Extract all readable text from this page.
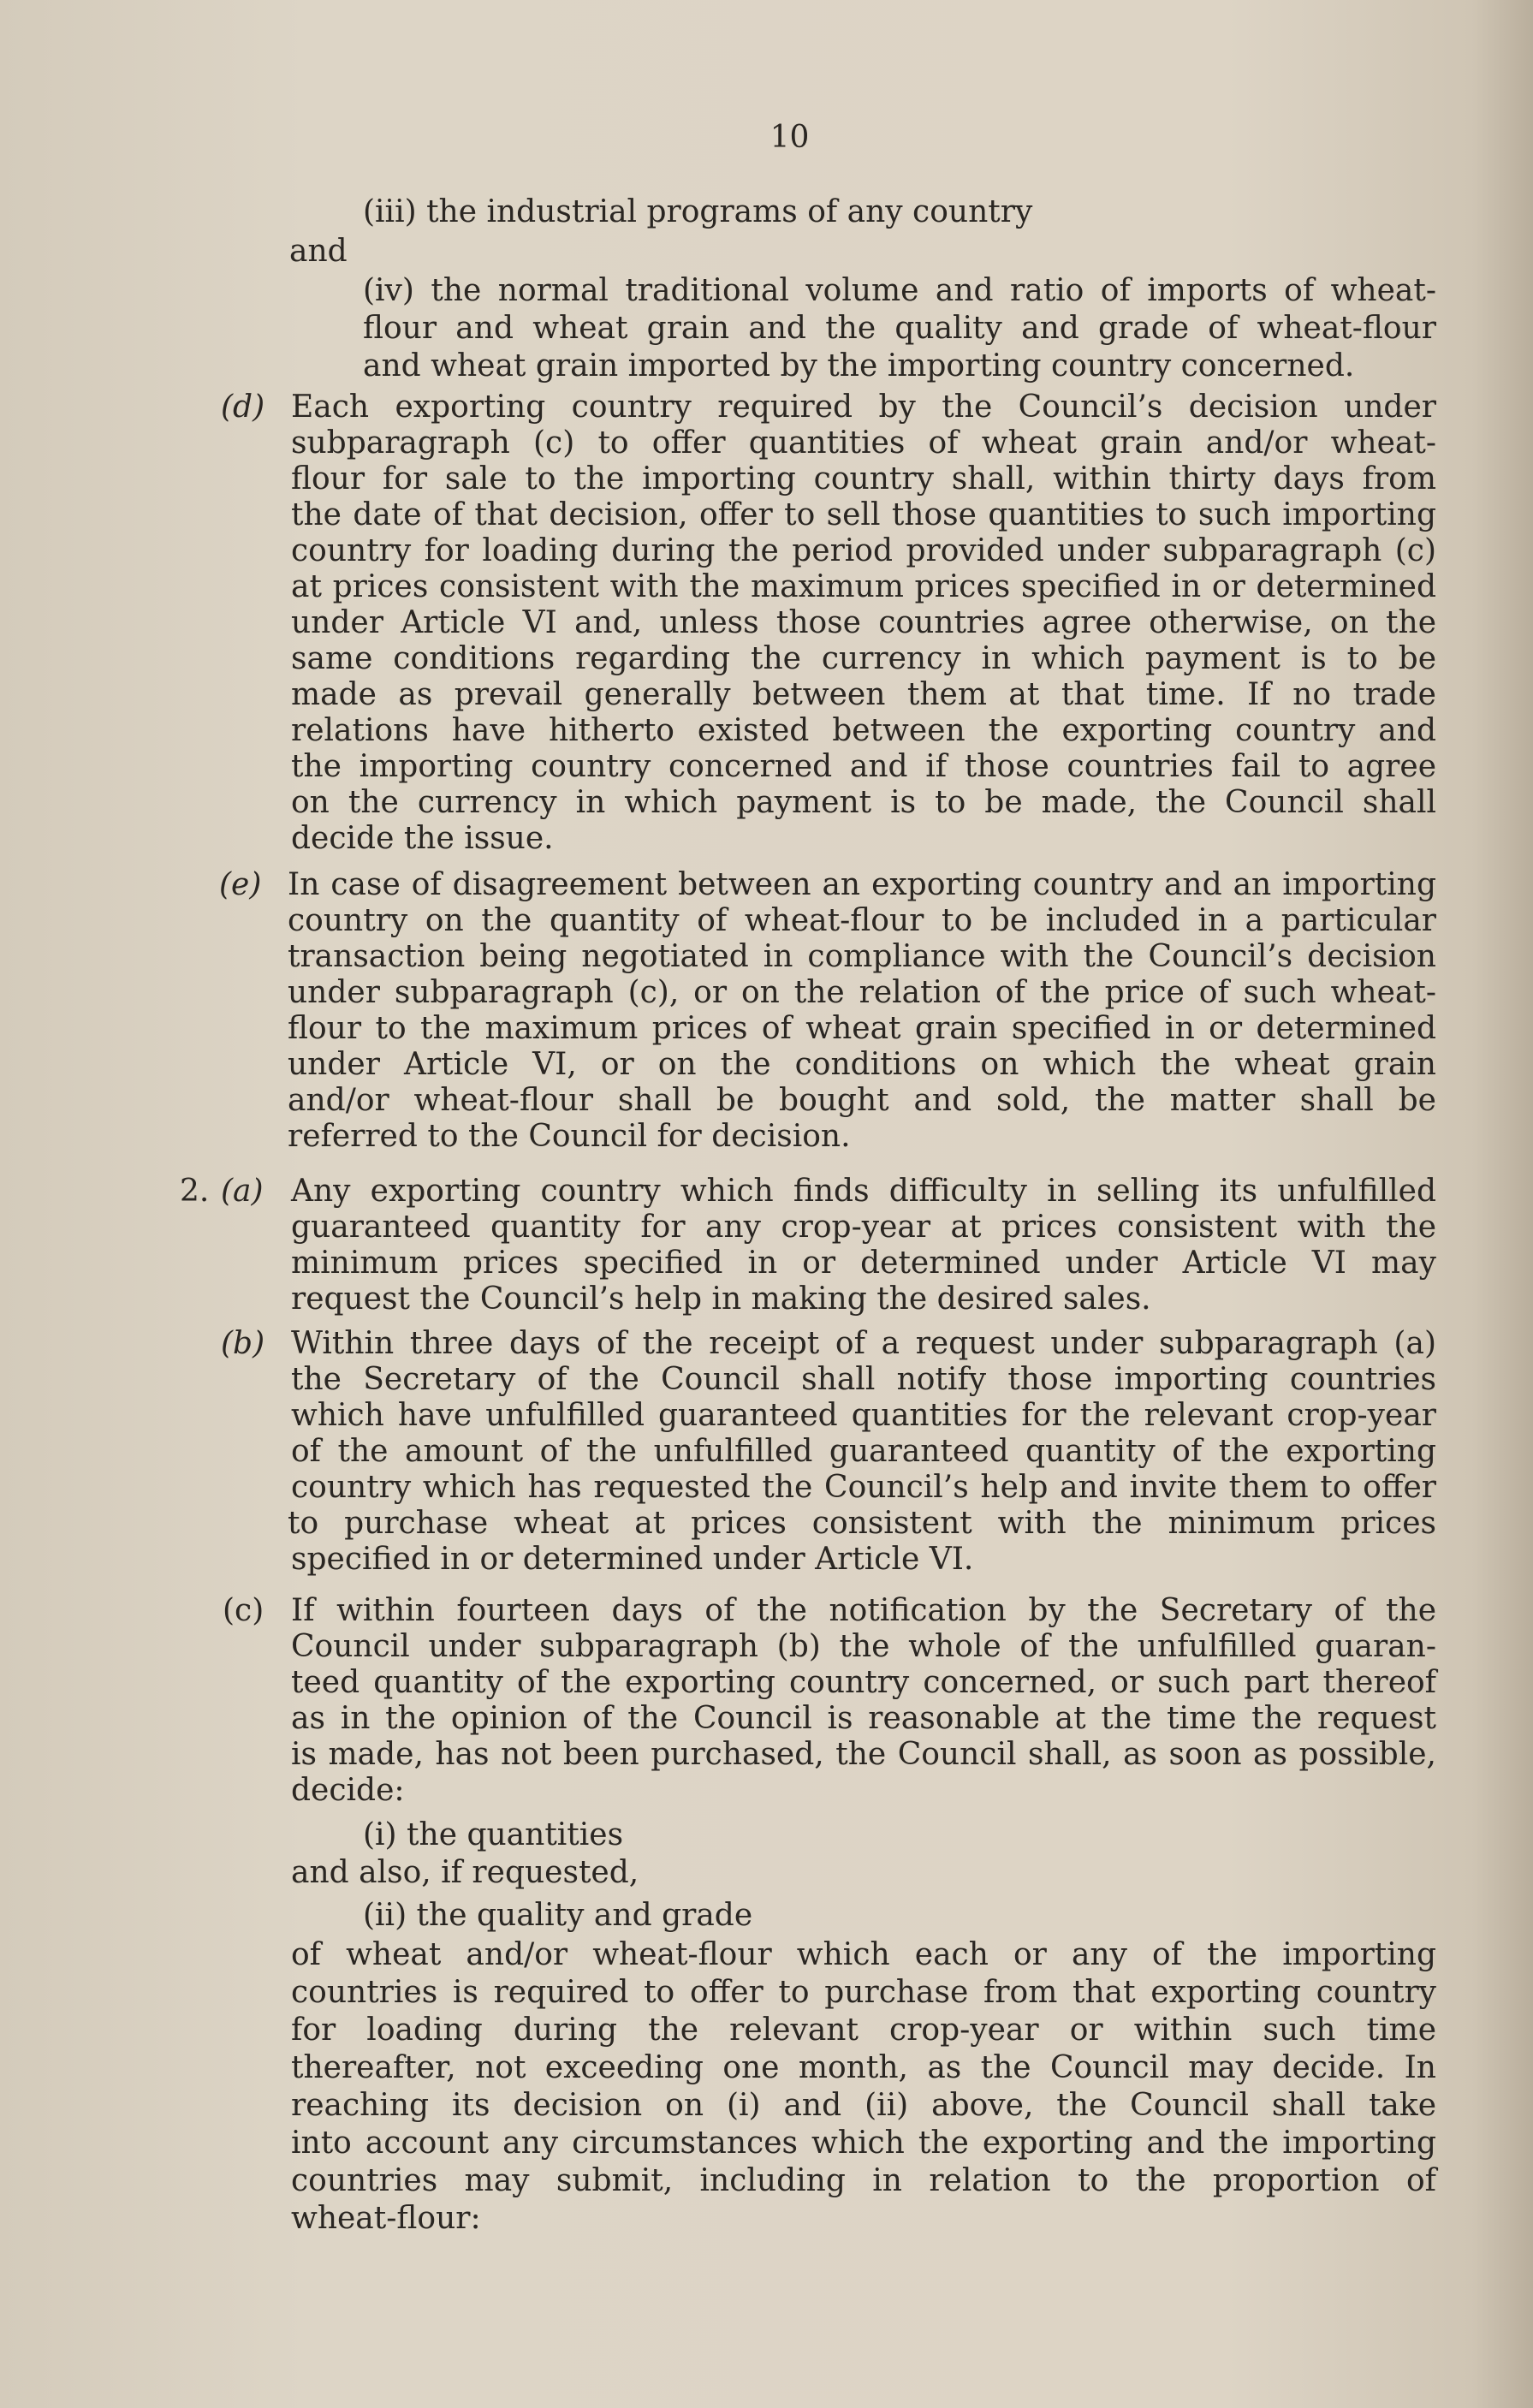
10
(iii) the industrial programs of any country
and
(iv) the normal traditional volume and ratio of imports of wheat-
flour and wheat grain and the quality and grade of wheat-flour
and wheat grain imported by the importing country concerned.
(d) Each exporting country required by the Council’s decision under
subparagraph (c) to offer quantities of wheat grain and/or wheat-
flour for sale to the importing country shall, within thirty days from
the date of that decision, offer to sell those quantities to such importing
country for loading during the period provided under subparagraph (c)
at prices consistent with the maximum prices specified in or determined
under Article VI and, unless those countries agree otherwise, on the
same conditions regarding the currency in which payment is to be
made as prevail generally between them at that time. If no trade
relations have hitherto existed between the exporting country and
the importing country concerned and if those countries fail to agree
on the currency in which payment is to be made, the Council shall
decide the issue.
(e) In case of disagreement between an exporting country and an importing
country on the quantity of wheat-flour to be included in a particular
transaction being negotiated in compliance with the Council’s decision
under subparagraph (c), or on the relation of the price of such wheat-
flour to the maximum prices of wheat grain specified in or determined
under Article VI, or on the conditions on which the wheat grain
and/or wheat-flour shall be bought and sold, the matter shall be
referred to the Council for decision.
2. (a) Any exporting country which finds difficulty in selling its unfulfilled
guaranteed quantity for any crop-year at prices consistent with the
minimum prices specified in or determined under Article VI may
request the Council’s help in making the desired sales.
(b) Within three days of the receipt of a request under subparagraph (a)
the Secretary of the Council shall notify those importing countries
which have unfulfilled guaranteed quantities for the relevant crop-year
of the amount of the unfulfilled guaranteed quantity of the exporting
country which has requested the Council’s help and invite them to offer
to purchase wheat at prices consistent with the minimum prices
specified in or determined under Article VI.
(c) If within fourteen days of the notification by the Secretary of the
Council under subparagraph (b) the whole of the unfulfilled guaran-
teed quantity of the exporting country concerned, or such part thereof
as in the opinion of the Council is reasonable at the time the request
is made, has not been purchased, the Council shall, as soon as possible,
decide:
(i) the quantities
and also, if requested,
(ii) the quality and grade
of wheat and/or wheat-flour which each or any of the importing
countries is required to offer to purchase from that exporting country
for loading during the relevant crop-year or within such time
thereafter, not exceeding one month, as the Council may decide. In
reaching its decision on (i) and (ii) above, the Council shall take
into account any circumstances which the exporting and the importing
countries may submit, including in relation to the proportion of
wheat-flour:
